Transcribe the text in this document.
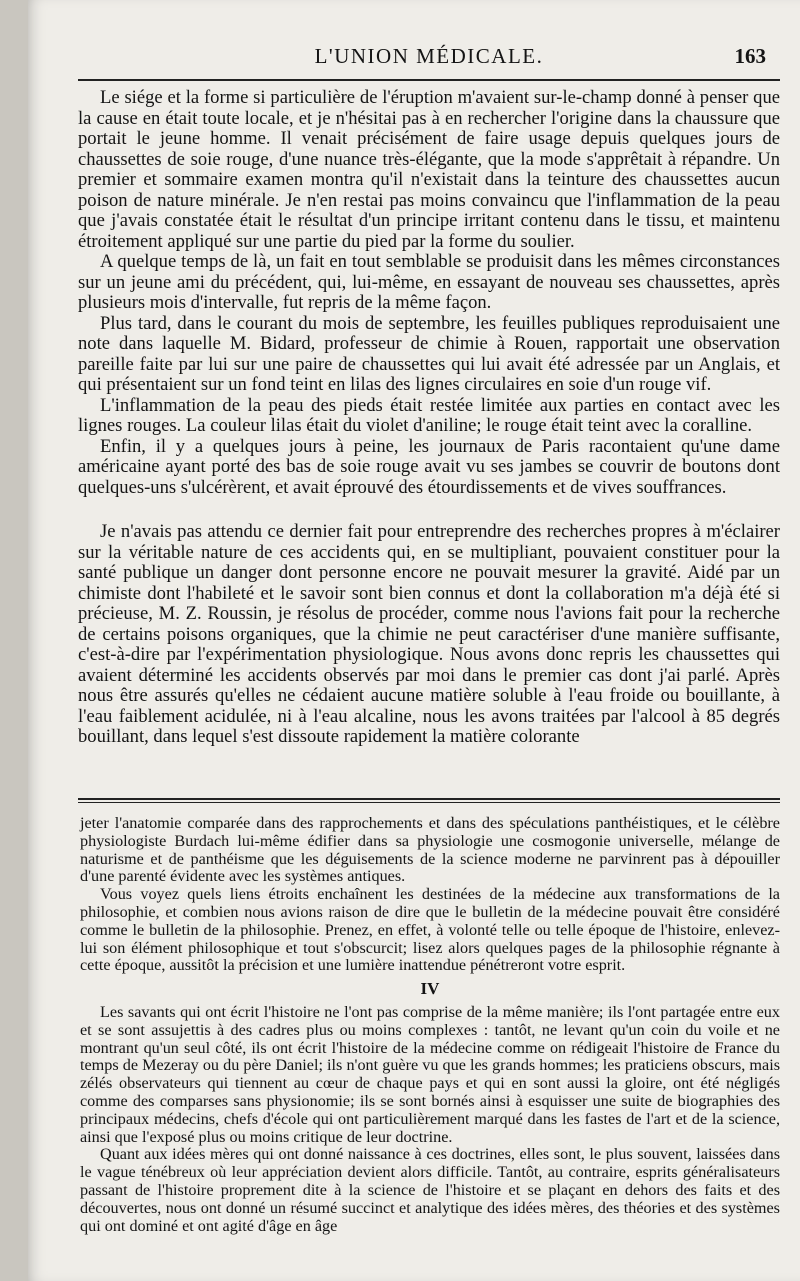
L'UNION MÉDICALE.	163

Le siége et la forme si particulière de l'éruption m'avaient sur-le-champ donné à penser que la cause en était toute locale, et je n'hésitai pas à en rechercher l'origine dans la chaussure que portait le jeune homme. Il venait précisément de faire usage depuis quelques jours de chaussettes de soie rouge, d'une nuance très-élégante, que la mode s'apprêtait à répandre. Un premier et sommaire examen montra qu'il n'existait dans la teinture des chaussettes aucun poison de nature minérale. Je n'en restai pas moins convaincu que l'inflammation de la peau que j'avais constatée était le résultat d'un principe irritant contenu dans le tissu, et maintenu étroitement appliqué sur une partie du pied par la forme du soulier.

A quelque temps de là, un fait en tout semblable se produisit dans les mêmes circonstances sur un jeune ami du précédent, qui, lui-même, en essayant de nouveau ses chaussettes, après plusieurs mois d'intervalle, fut repris de la même façon.

Plus tard, dans le courant du mois de septembre, les feuilles publiques reproduisaient une note dans laquelle M. Bidard, professeur de chimie à Rouen, rapportait une observation pareille faite par lui sur une paire de chaussettes qui lui avait été adressée par un Anglais, et qui présentaient sur un fond teint en lilas des lignes circulaires en soie d'un rouge vif.

L'inflammation de la peau des pieds était restée limitée aux parties en contact avec les lignes rouges. La couleur lilas était du violet d'aniline; le rouge était teint avec la coralline.

Enfin, il y a quelques jours à peine, les journaux de Paris racontaient qu'une dame américaine ayant porté des bas de soie rouge avait vu ses jambes se couvrir de boutons dont quelques-uns s'ulcérèrent, et avait éprouvé des étourdissements et de vives souffrances.

Je n'avais pas attendu ce dernier fait pour entreprendre des recherches propres à m'éclairer sur la véritable nature de ces accidents qui, en se multipliant, pouvaient constituer pour la santé publique un danger dont personne encore ne pouvait mesurer la gravité. Aidé par un chimiste dont l'habileté et le savoir sont bien connus et dont la collaboration m'a déjà été si précieuse, M. Z. Roussin, je résolus de procéder, comme nous l'avions fait pour la recherche de certains poisons organiques, que la chimie ne peut caractériser d'une manière suffisante, c'est-à-dire par l'expérimentation physiologique. Nous avons donc repris les chaussettes qui avaient déterminé les accidents observés par moi dans le premier cas dont j'ai parlé. Après nous être assurés qu'elles ne cédaient aucune matière soluble à l'eau froide ou bouillante, à l'eau faiblement acidulée, ni à l'eau alcaline, nous les avons traitées par l'alcool à 85 degrés bouillant, dans lequel s'est dissoute rapidement la matière colorante

jeter l'anatomie comparée dans des rapprochements et dans des spéculations panthéistiques, et le célèbre physiologiste Burdach lui-même édifier dans sa physiologie une cosmogonie universelle, mélange de naturisme et de panthéisme que les déguisements de la science moderne ne parvinrent pas à dépouiller d'une parenté évidente avec les systèmes antiques.

Vous voyez quels liens étroits enchaînent les destinées de la médecine aux transformations de la philosophie, et combien nous avions raison de dire que le bulletin de la médecine pouvait être considéré comme le bulletin de la philosophie. Prenez, en effet, à volonté telle ou telle époque de l'histoire, enlevez-lui son élément philosophique et tout s'obscurcit; lisez alors quelques pages de la philosophie régnante à cette époque, aussitôt la précision et une lumière inattendue pénétreront votre esprit.

IV

Les savants qui ont écrit l'histoire ne l'ont pas comprise de la même manière; ils l'ont partagée entre eux et se sont assujettis à des cadres plus ou moins complexes : tantôt, ne levant qu'un coin du voile et ne montrant qu'un seul côté, ils ont écrit l'histoire de la médecine comme on rédigeait l'histoire de France du temps de Mezeray ou du père Daniel; ils n'ont guère vu que les grands hommes; les praticiens obscurs, mais zélés observateurs qui tiennent au cœur de chaque pays et qui en sont aussi la gloire, ont été négligés comme des comparses sans physionomie; ils se sont bornés ainsi à esquisser une suite de biographies des principaux médecins, chefs d'école qui ont particulièrement marqué dans les fastes de l'art et de la science, ainsi que l'exposé plus ou moins critique de leur doctrine.

Quant aux idées mères qui ont donné naissance à ces doctrines, elles sont, le plus souvent, laissées dans le vague ténébreux où leur appréciation devient alors difficile. Tantôt, au contraire, esprits généralisateurs passant de l'histoire proprement dite à la science de l'histoire et se plaçant en dehors des faits et des découvertes, nous ont donné un résumé succinct et analytique des idées mères, des théories et des systèmes qui ont dominé et ont agité d'âge en âge
